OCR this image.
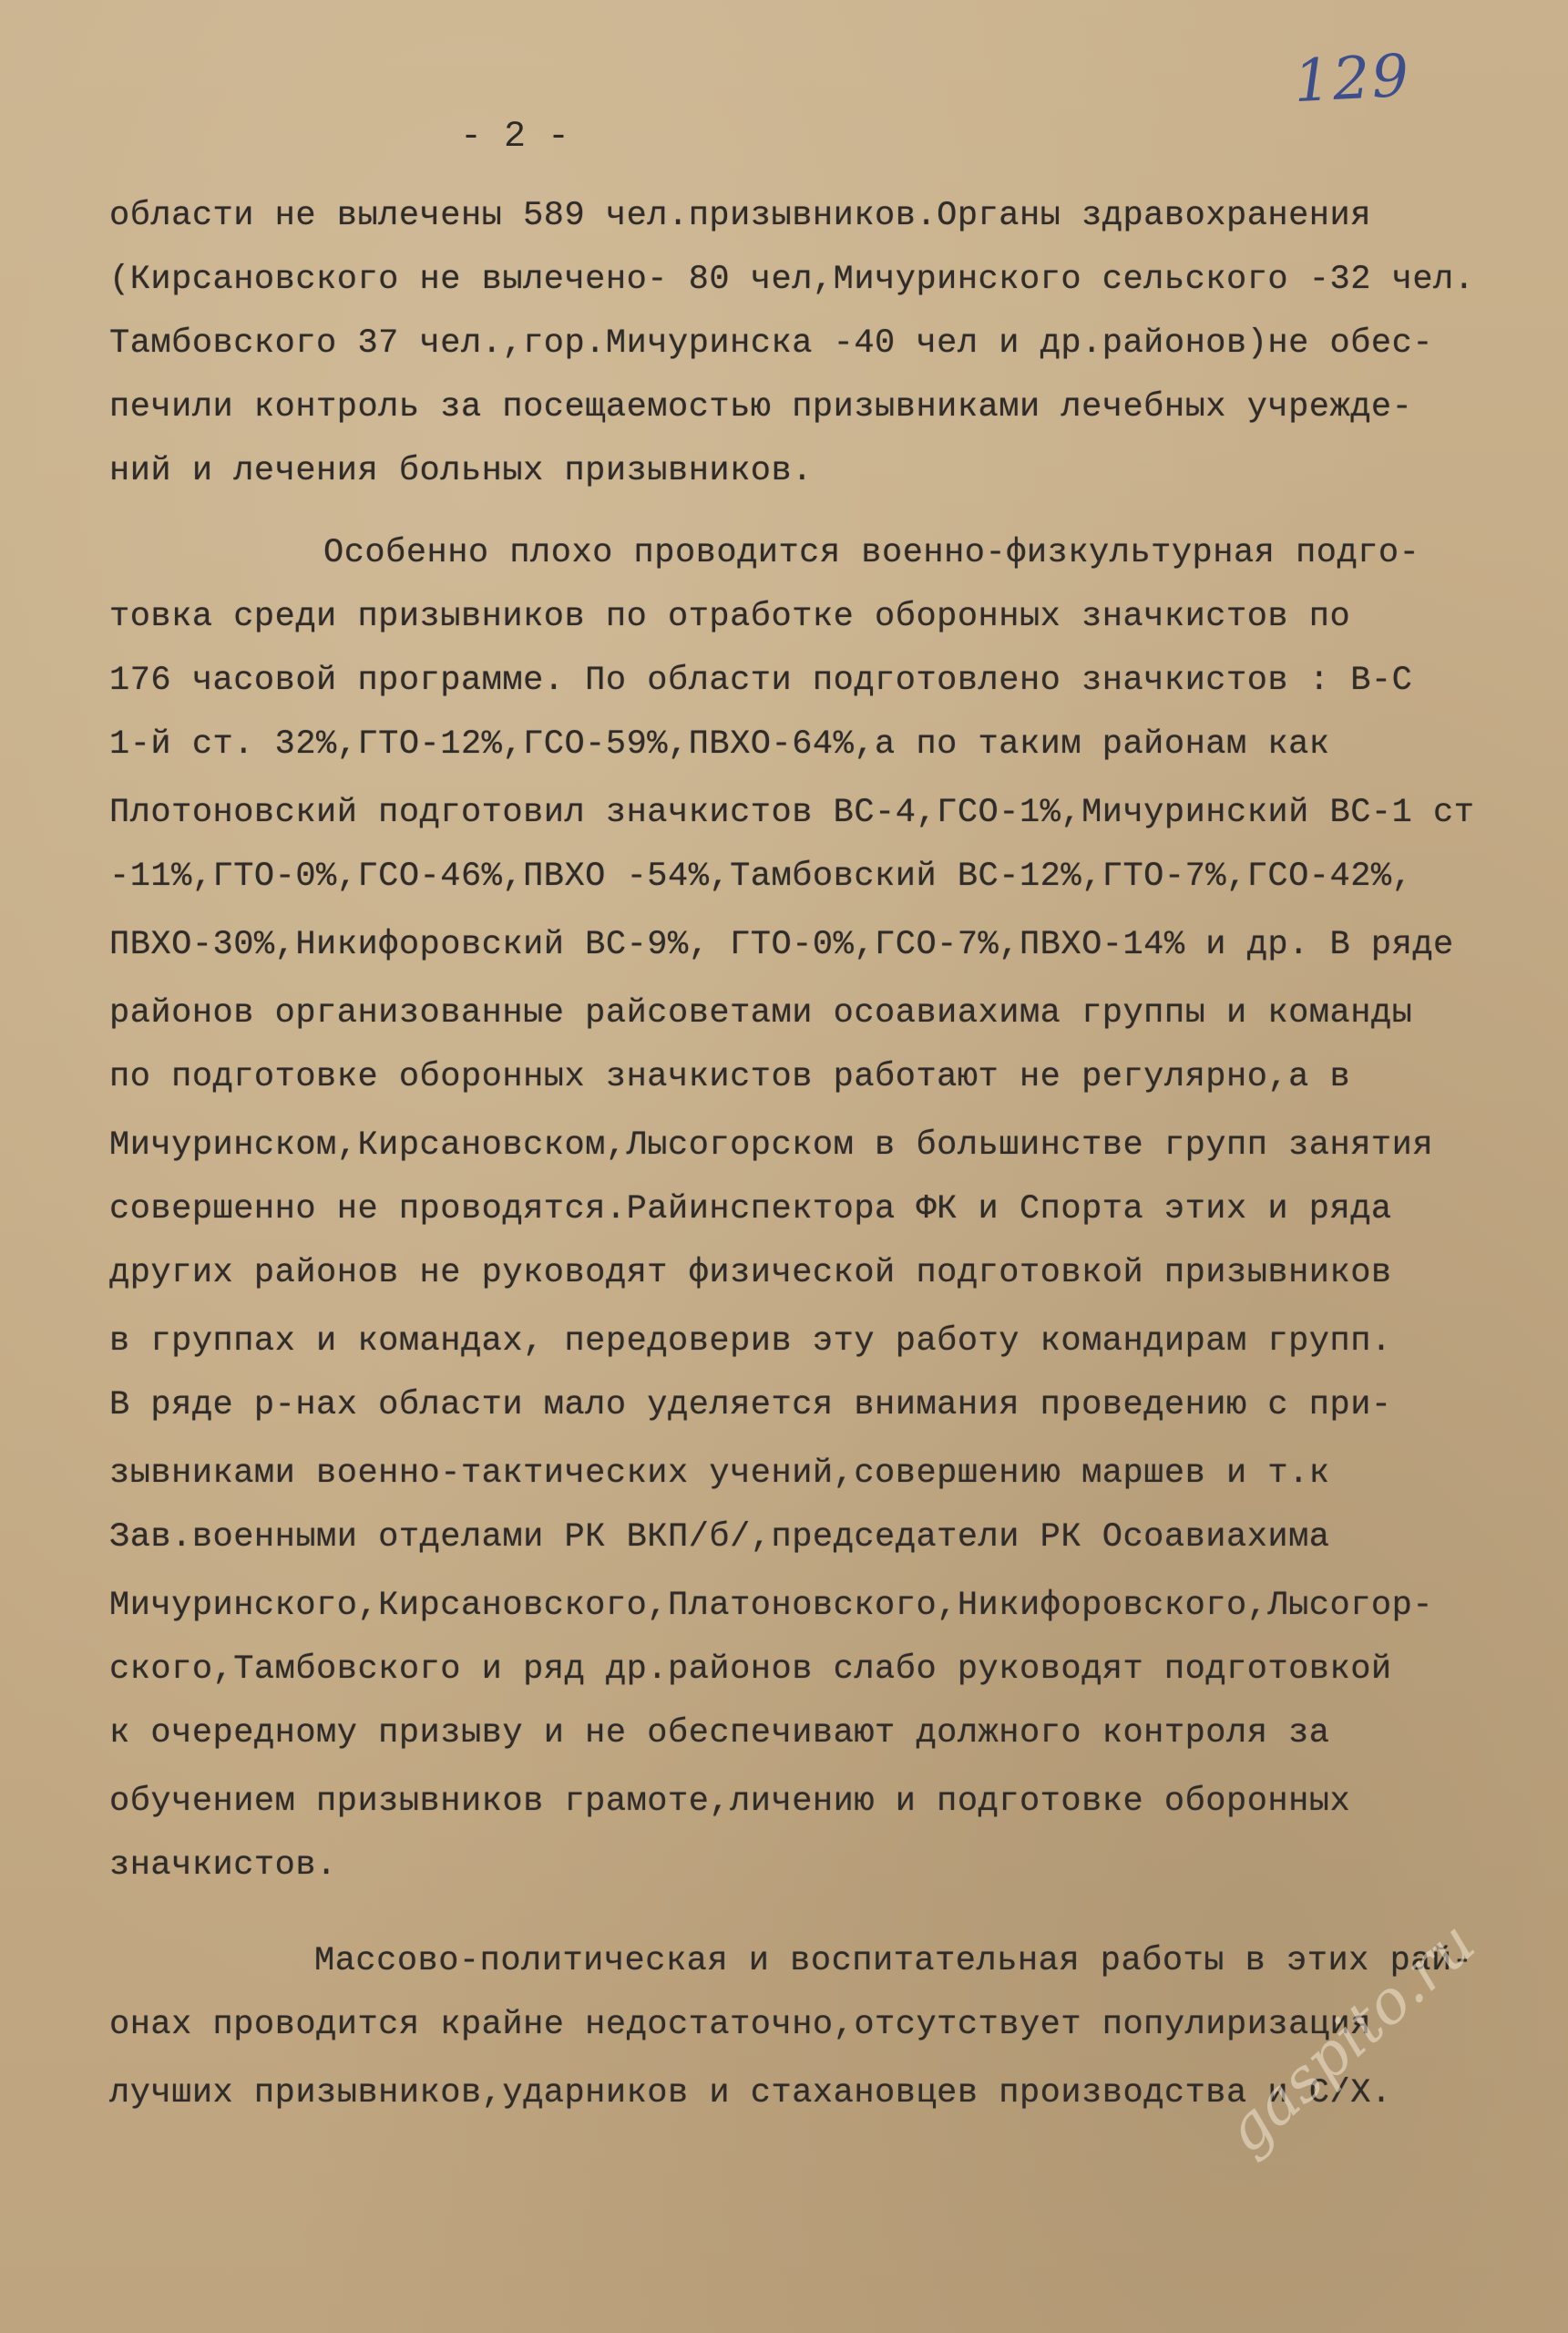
129
- 2 -
области не вылечены 589 чел.призывников.Органы здравохранения
(Кирсановского не вылечено- 80 чел,Мичуринского сельского -32 чел.
Тамбовского 37 чел.,гор.Мичуринска -40 чел и др.районов)не обес-
печили контроль за посещаемостью призывниками лечебных учрежде-
ний и лечения больных призывников.
Особенно плохо проводится военно-физкультурная подго-
товка среди призывников по отработке оборонных значкистов по
176 часовой программе. По области подготовлено значкистов : В-С
1-й ст. 32%,ГТО-12%,ГСО-59%,ПВХО-64%,а по таким районам как
Плотоновский подготовил значкистов ВС-4,ГСО-1%,Мичуринский ВС-1 ст
-11%,ГТО-0%,ГСО-46%,ПВХО -54%,Тамбовский ВС-12%,ГТО-7%,ГСО-42%,
ПВХО-30%,Никифоровский ВС-9%, ГТО-0%,ГСО-7%,ПВХО-14% и др. В ряде
районов организованные райсоветами осоавиахима группы и команды
по подготовке оборонных значкистов работают не регулярно,а в
Мичуринском,Кирсановском,Лысогорском в большинстве групп занятия
совершенно не проводятся.Райинспектора ФК и Спорта этих и ряда
других районов не руководят физической подготовкой призывников
в группах и командах, передоверив эту работу командирам групп.
В ряде р-нах области мало уделяется внимания проведению с при-
зывниками военно-тактических учений,совершению маршев и т.к
Зав.военными отделами РК ВКП/б/,председатели РК Осоавиахима
Мичуринского,Кирсановского,Платоновского,Никифоровского,Лысогор-
ского,Тамбовского и ряд др.районов слабо руководят подготовкой
к очередному призыву и не обеспечивают должного контроля за
обучением призывников грамоте,личению и подготовке оборонных
значкистов.
Массово-политическая и воспитательная работы в этих рай-
онах проводится крайне недостаточно,отсутствует популиризация
лучших призывников,ударников и стахановцев производства и С/Х.
gaspito.ru
